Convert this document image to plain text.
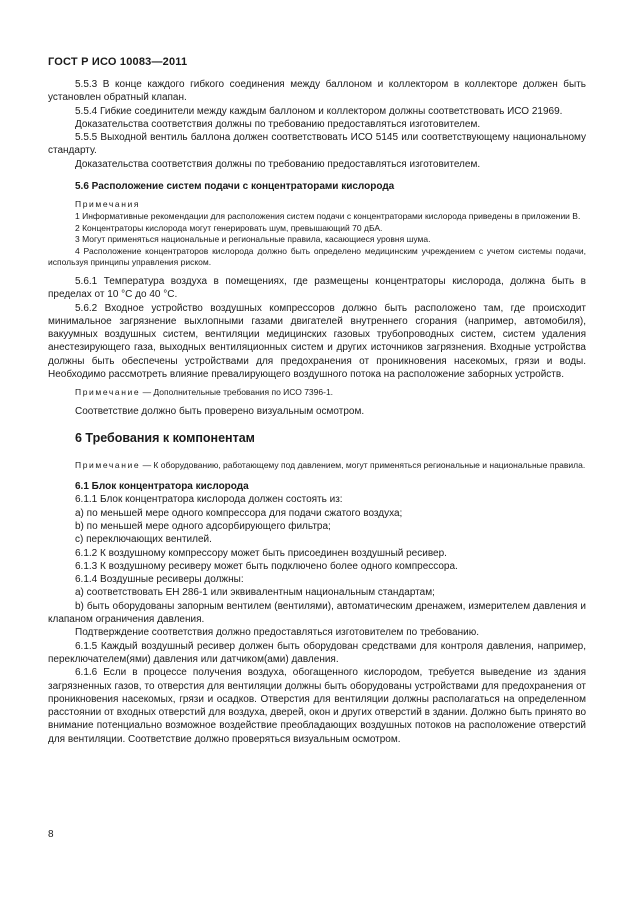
ГОСТ Р ИСО 10083—2011

5.5.3 В конце каждого гибкого соединения между баллоном и коллектором в коллекторе должен быть установлен обратный клапан.

5.5.4 Гибкие соединители между каждым баллоном и коллектором должны соответствовать ИСО 21969.

Доказательства соответствия должны по требованию предоставляться изготовителем.

5.5.5 Выходной вентиль баллона должен соответствовать ИСО 5145 или соответствующему национальному стандарту.

Доказательства соответствия должны по требованию предоставляться изготовителем.

5.6 Расположение систем подачи с концентраторами кислорода

Примечания

1 Информативные рекомендации для расположения систем подачи с концентраторами кислорода приведены в приложении B.

2 Концентраторы кислорода могут генерировать шум, превышающий 70 дБА.

3 Могут применяться национальные и региональные правила, касающиеся уровня шума.

4 Расположение концентраторов кислорода должно быть определено медицинским учреждением с учетом системы подачи, используя принципы управления риском.

5.6.1 Температура воздуха в помещениях, где размещены концентраторы кислорода, должна быть в пределах от 10 °С до 40 °С.

5.6.2 Входное устройство воздушных компрессоров должно быть расположено там, где происходит минимальное загрязнение выхлопными газами двигателей внутреннего сгорания (например, автомобиля), вакуумных воздушных систем, вентиляции медицинских газовых трубопроводных систем, систем удаления анестезирующего газа, выходных вентиляционных систем и других источников загрязнения. Входные устройства должны быть обеспечены устройствами для предохранения от проникновения насекомых, грязи и воды. Необходимо рассмотреть влияние превалирующего воздушного потока на расположение заборных устройств.

Примечание — Дополнительные требования по ИСО 7396-1.

Соответствие должно быть проверено визуальным осмотром.

6 Требования к компонентам

Примечание — К оборудованию, работающему под давлением, могут применяться региональные и национальные правила.

6.1 Блок концентратора кислорода

6.1.1 Блок концентратора кислорода должен состоять из:

a) по меньшей мере одного компрессора для подачи сжатого воздуха;

b) по меньшей мере одного адсорбирующего фильтра;

c) переключающих вентилей.

6.1.2 К воздушному компрессору может быть присоединен воздушный ресивер.

6.1.3 К воздушному ресиверу может быть подключено более одного компрессора.

6.1.4 Воздушные ресиверы должны:

a) соответствовать ЕН 286-1 или эквивалентным национальным стандартам;

b) быть оборудованы запорным вентилем (вентилями), автоматическим дренажем, измерителем давления и клапаном ограничения давления.

Подтверждение соответствия должно предоставляться изготовителем по требованию.

6.1.5 Каждый воздушный ресивер должен быть оборудован средствами для контроля давления, например, переключателем(ями) давления или датчиком(ами) давления.

6.1.6 Если в процессе получения воздуха, обогащенного кислородом, требуется выведение из здания загрязненных газов, то отверстия для вентиляции должны быть оборудованы устройствами для предохранения от проникновения насекомых, грязи и осадков. Отверстия для вентиляции должны располагаться на определенном расстоянии от входных отверстий для воздуха, дверей, окон и других отверстий в здании. Должно быть принято во внимание потенциально возможное воздействие преобладающих воздушных потоков на расположение отверстий для вентиляции. Соответствие должно проверяться визуальным осмотром.

8
